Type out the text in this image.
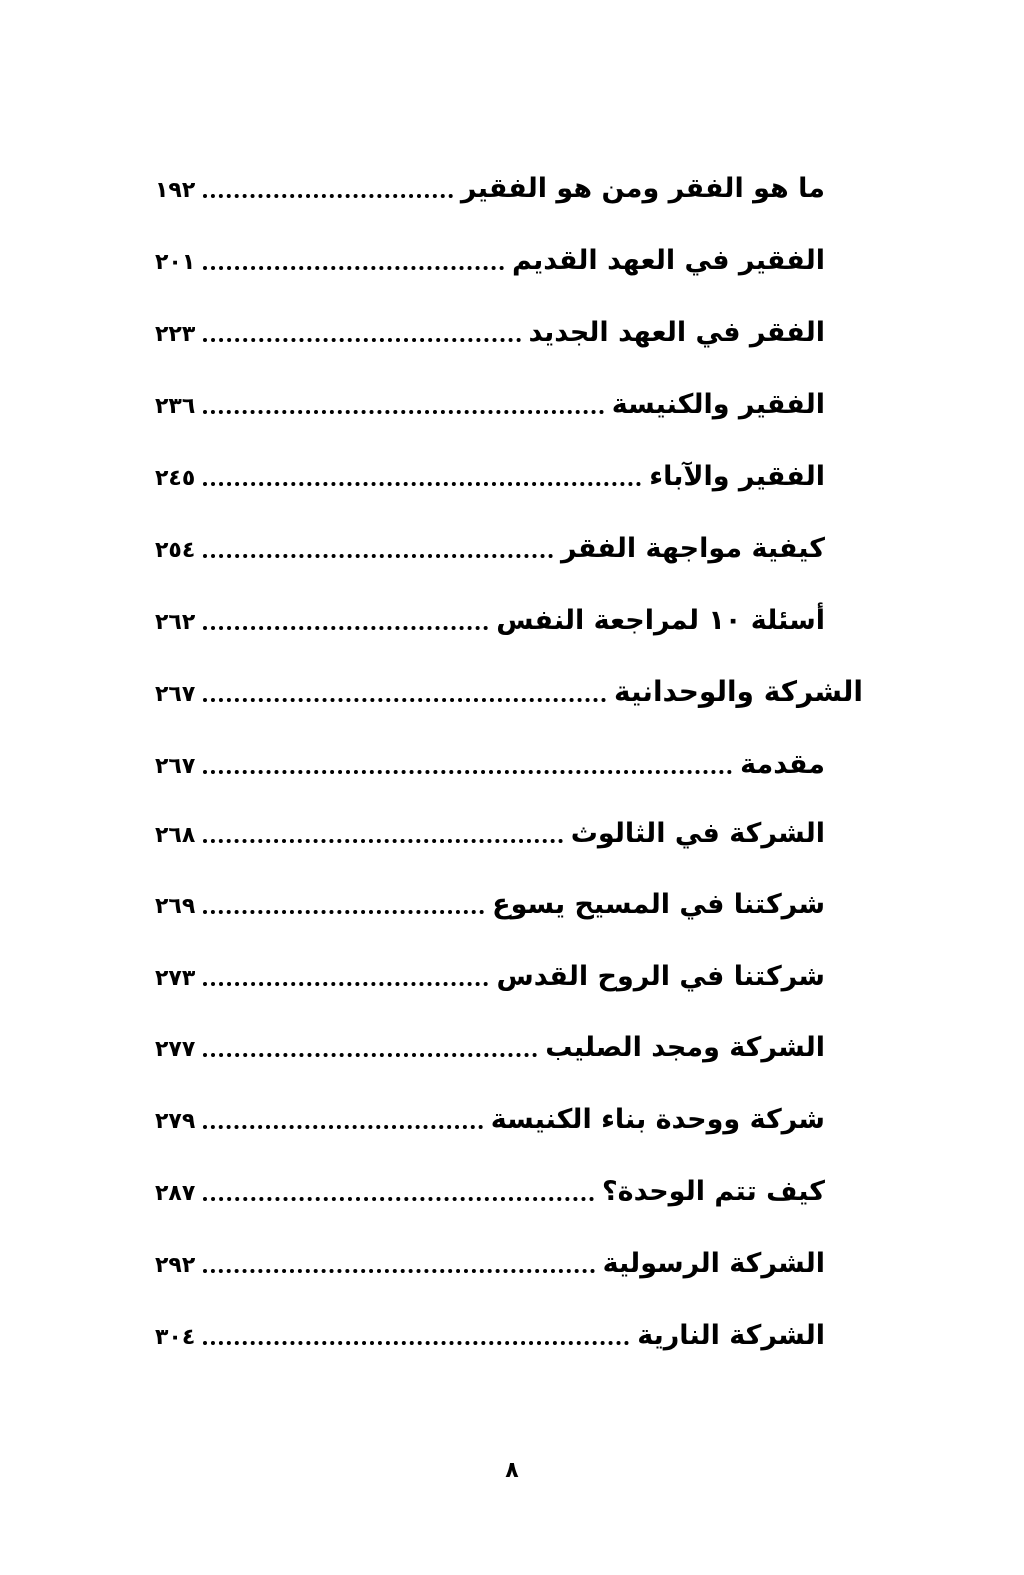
ما هو الفقر ومن هو الفقير
١٩٢
الفقير في العهد القديم
٢٠١
الفقر في العهد الجديد
٢٢٣
الفقير والكنيسة
٢٣٦
الفقير والآباء
٢٤٥
كيفية مواجهة الفقر
٢٥٤
أسئلة ١٠ لمراجعة النفس
٢٦٢
الشركة والوحدانية
٢٦٧
مقدمة
٢٦٧
الشركة في الثالوث
٢٦٨
شركتنا في المسيح يسوع
٢٦٩
شركتنا في الروح القدس
٢٧٣
الشركة ومجد الصليب
٢٧٧
شركة ووحدة بناء الكنيسة
٢٧٩
كيف تتم الوحدة؟
٢٨٧
الشركة الرسولية
٢٩٢
الشركة النارية
٣٠٤
٨
